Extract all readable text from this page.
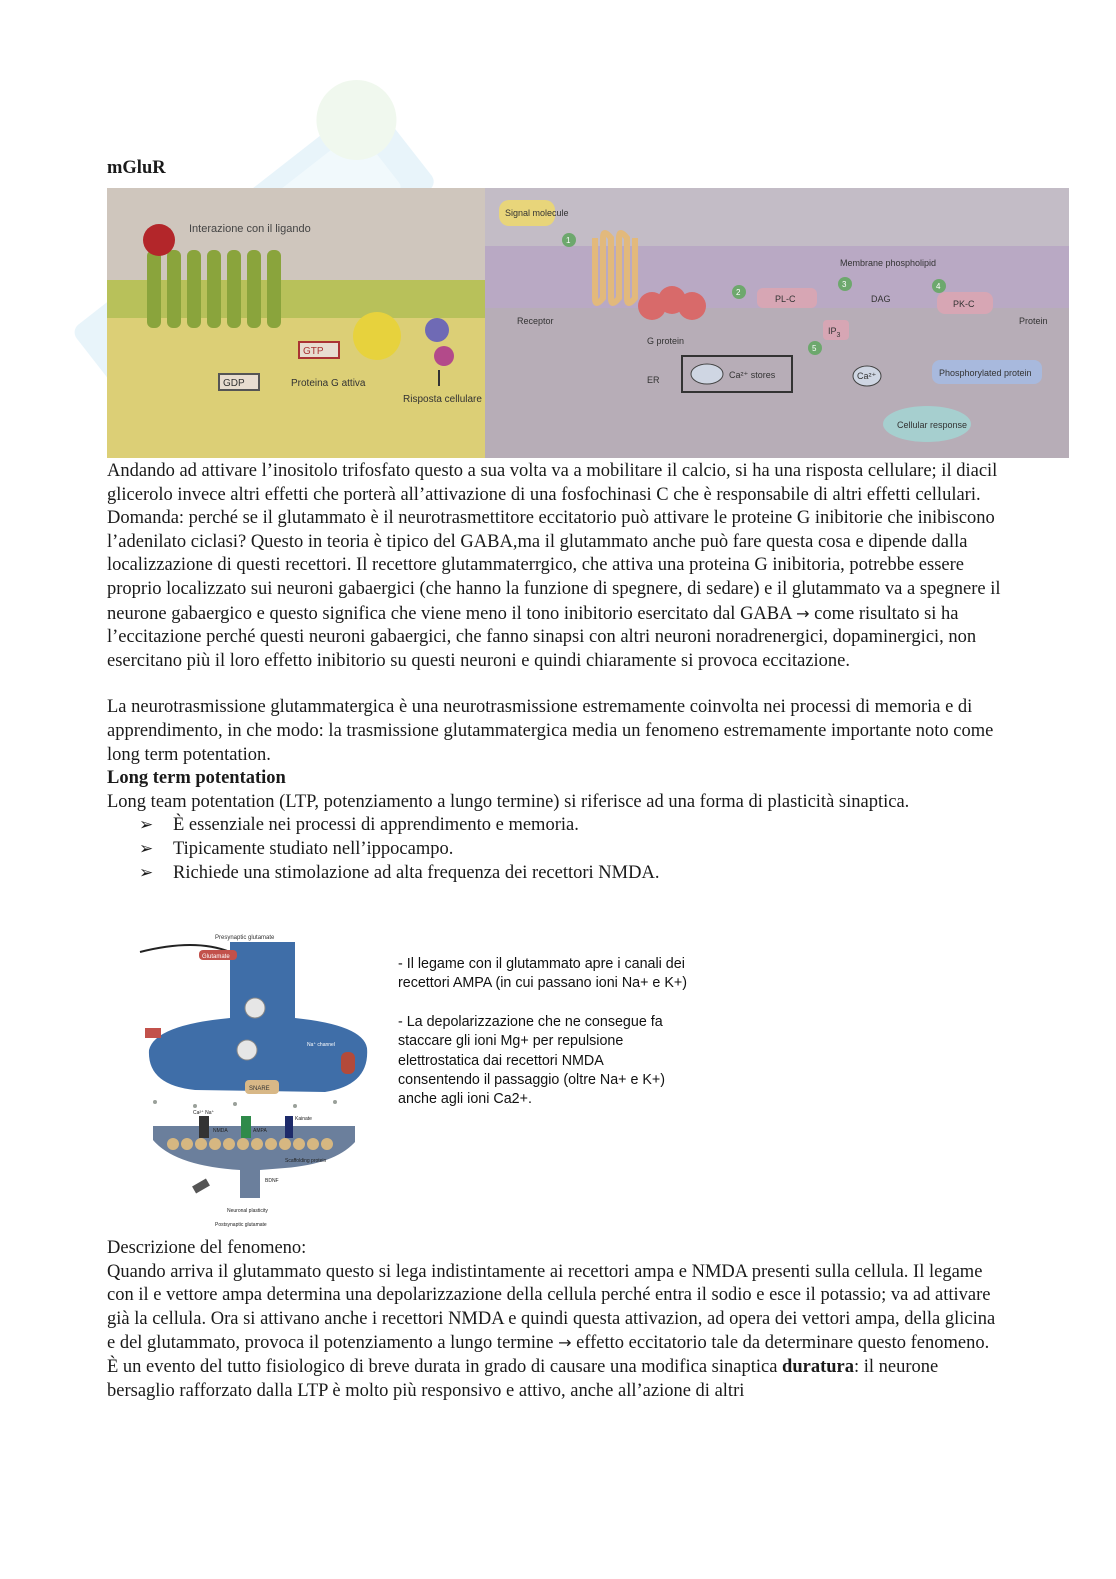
mGluR
Interazione con il ligando
GTP
GDP	Proteina G attiva
Risposta cellulare
Signal molecule
Membrane phospholipid
Receptor
G protein
PL-C	DAG	PK-C
Protein
$IP_3$
ER	Ca²⁺ stores	Ca²⁺	Phosphorylated protein
Cellular response
1
2
3	4
5

Andando ad attivare l’inositolo trifosfato questo a sua volta va a mobilitare il calcio, si ha una risposta cellulare; il diacil glicerolo invece altri effetti che porterà all’attivazione di una fosfochinasi C che è responsabile di altri effetti cellulari.

Domanda: perché se il glutammato è il neurotrasmettitore eccitatorio può attivare le proteine G inibitorie che inibiscono l’adenilato ciclasi? Questo in teoria è tipico del GABA,ma il glutammato anche può fare questa cosa e dipende dalla localizzazione di questi recettori. Il recettore glutammaterrgico, che attiva una proteina G inibitoria, potrebbe essere proprio localizzato sui neuroni gabaergici (che hanno la funzione di spegnere, di sedare) e il glutammato va a spegnere il neurone gabaergico e questo significa che viene meno il tono inibitorio esercitato dal GABA → come risultato si ha l’eccitazione perché questi neuroni gabaergici, che fanno sinapsi con altri neuroni noradrenergici, dopaminergici, non esercitano più il loro effetto inibitorio su questi neuroni e quindi chiaramente si provoca eccitazione.

La neurotrasmissione glutammatergica è una neurotrasmissione estremamente coinvolta nei processi di memoria e di apprendimento, in che modo: la trasmissione glutammatergica media un fenomeno estremamente importante noto come long term potentation.

Long term potentation

Long team potentation (LTP, potenziamento a lungo termine) si riferisce ad una forma di plasticità sinaptica.

➢ È essenziale nei processi di apprendimento e memoria.
➢ Tipicamente studiato nell’ippocampo.
➢ Richiede una stimolazione ad alta frequenza dei recettori NMDA.
Presynaptic glutamate
Glutamate
Na⁺ channel
SNARE
Ca²⁺ Na⁺
NMDA	AMPA
Kainate
Scaffolding protein
BDNF
Neuronal plasticity
Postsynaptic glutamate

- Il legame con il glutammato apre i canali dei recettori AMPA (in cui passano ioni Na+ e K+)

- La depolarizzazione che ne consegue fa staccare gli ioni Mg+ per repulsione elettrostatica dai recettori NMDA consentendo il passaggio (oltre Na+ e K+) anche agli ioni Ca2+.

Descrizione del fenomeno:

Quando arriva il glutammato questo si lega indistintamente ai recettori ampa e NMDA presenti sulla cellula. Il legame con il e vettore ampa determina una depolarizzazione della cellula perché entra il sodio e esce il potassio; va ad attivare già la cellula. Ora si attivano anche i recettori NMDA e quindi questa attivazion, ad opera dei vettori ampa, della glicina e del glutammato, provoca il potenziamento a lungo termine → effetto eccitatorio tale da determinare questo fenomeno.

È un evento del tutto fisiologico di breve durata in grado di causare una modifica sinaptica duratura: il neurone bersaglio rafforzato dalla LTP è molto più responsivo e attivo, anche all’azione di altri
